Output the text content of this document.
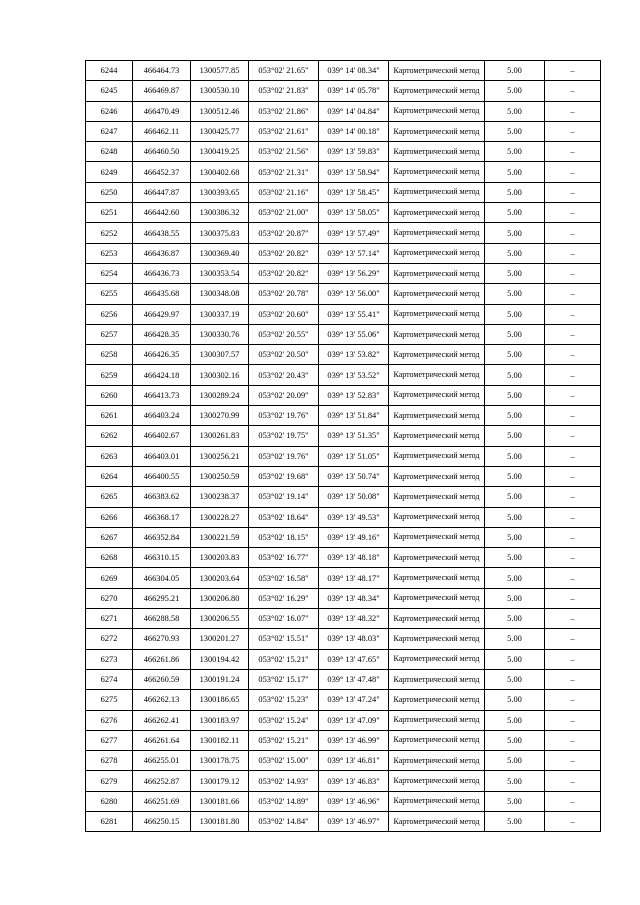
6244	466464.73	1300577.85	053°02' 21.65"	039° 14' 08.34"	Картометрический метод	5.00	–
6245	466469.87	1300530.10	053°02' 21.83"	039° 14' 05.78"	Картометрический метод	5.00	–
6246	466470.49	1300512.46	053°02' 21.86"	039° 14' 04.84"	Картометрический метод	5.00	–
6247	466462.11	1300425.77	053°02' 21.61"	039° 14' 00.18"	Картометрический метод	5.00	–
6248	466460.50	1300419.25	053°02' 21.56"	039° 13' 59.83"	Картометрический метод	5.00	–
6249	466452.37	1300402.68	053°02' 21.31"	039° 13' 58.94"	Картометрический метод	5.00	–
6250	466447.87	1300393.65	053°02' 21.16"	039° 13' 58.45"	Картометрический метод	5.00	–
6251	466442.60	1300386.32	053°02' 21.00"	039° 13' 58.05"	Картометрический метод	5.00	–
6252	466438.55	1300375.83	053°02' 20.87"	039° 13' 57.49"	Картометрический метод	5.00	–
6253	466436.87	1300369.40	053°02' 20.82"	039° 13' 57.14"	Картометрический метод	5.00	–
6254	466436.73	1300353.54	053°02' 20.82"	039° 13' 56.29"	Картометрический метод	5.00	–
6255	466435.68	1300348.08	053°02' 20.78"	039° 13' 56.00"	Картометрический метод	5.00	–
6256	466429.97	1300337.19	053°02' 20.60"	039° 13' 55.41"	Картометрический метод	5.00	–
6257	466428.35	1300330.76	053°02' 20.55"	039° 13' 55.06"	Картометрический метод	5.00	–
6258	466426.35	1300307.57	053°02' 20.50"	039° 13' 53.82"	Картометрический метод	5.00	–
6259	466424.18	1300302.16	053°02' 20.43"	039° 13' 53.52"	Картометрический метод	5.00	–
6260	466413.73	1300289.24	053°02' 20.09"	039° 13' 52.83"	Картометрический метод	5.00	–
6261	466403.24	1300270.99	053°02' 19.76"	039° 13' 51.84"	Картометрический метод	5.00	–
6262	466402.67	1300261.83	053°02' 19.75"	039° 13' 51.35"	Картометрический метод	5.00	–
6263	466403.01	1300256.21	053°02' 19.76"	039° 13' 51.05"	Картометрический метод	5.00	–
6264	466400.55	1300250.59	053°02' 19.68"	039° 13' 50.74"	Картометрический метод	5.00	–
6265	466383.62	1300238.37	053°02' 19.14"	039° 13' 50.08"	Картометрический метод	5.00	–
6266	466368.17	1300228.27	053°02' 18.64"	039° 13' 49.53"	Картометрический метод	5.00	–
6267	466352.84	1300221.59	053°02' 18.15"	039° 13' 49.16"	Картометрический метод	5.00	–
6268	466310.15	1300203.83	053°02' 16.77"	039° 13' 48.18"	Картометрический метод	5.00	–
6269	466304.05	1300203.64	053°02' 16.58"	039° 13' 48.17"	Картометрический метод	5.00	–
6270	466295.21	1300206.80	053°02' 16.29"	039° 13' 48.34"	Картометрический метод	5.00	–
6271	466288.58	1300206.55	053°02' 16.07"	039° 13' 48.32"	Картометрический метод	5.00	–
6272	466270.93	1300201.27	053°02' 15.51"	039° 13' 48.03"	Картометрический метод	5.00	–
6273	466261.86	1300194.42	053°02' 15.21"	039° 13' 47.65"	Картометрический метод	5.00	–
6274	466260.59	1300191.24	053°02' 15.17"	039° 13' 47.48"	Картометрический метод	5.00	–
6275	466262.13	1300186.65	053°02' 15.23"	039° 13' 47.24"	Картометрический метод	5.00	–
6276	466262.41	1300183.97	053°02' 15.24"	039° 13' 47.09"	Картометрический метод	5.00	–
6277	466261.64	1300182.11	053°02' 15.21"	039° 13' 46.99"	Картометрический метод	5.00	–
6278	466255.01	1300178.75	053°02' 15.00"	039° 13' 46.81"	Картометрический метод	5.00	–
6279	466252.87	1300179.12	053°02' 14.93"	039° 13' 46.83"	Картометрический метод	5.00	–
6280	466251.69	1300181.66	053°02' 14.89"	039° 13' 46.96"	Картометрический метод	5.00	–
6281	466250.15	1300181.80	053°02' 14.84"	039° 13' 46.97"	Картометрический метод	5.00	–
